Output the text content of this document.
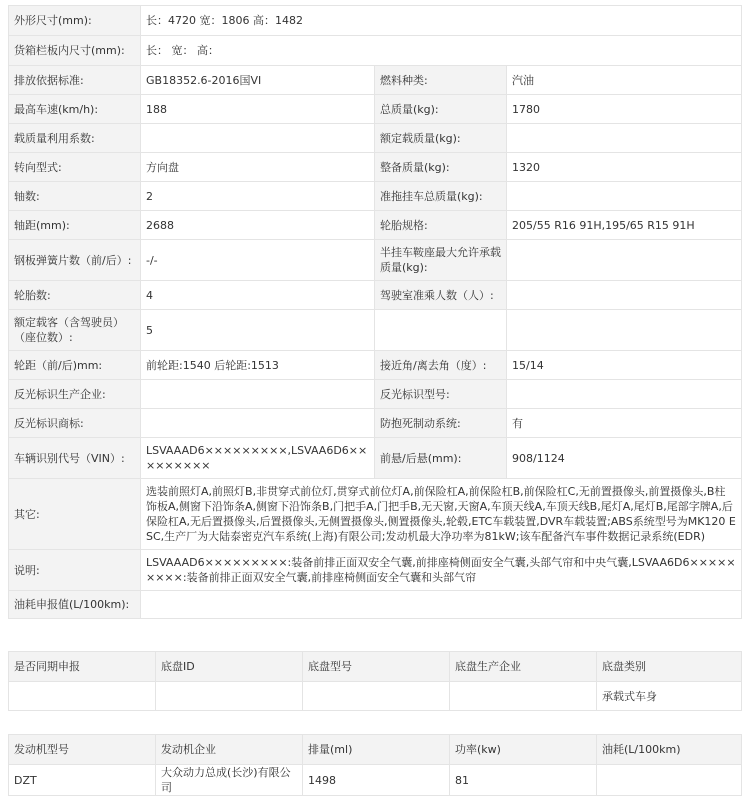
外形尺寸(mm):	长：4720 宽：1806 高：1482		
货箱栏板内尺寸(mm):	长： 宽： 高：		
排放依据标准:	GB18352.6-2016国VI	燃料种类:	汽油
最高车速(km/h):	188	总质量(kg):	1780
载质量利用系数:		额定载质量(kg):	
转向型式:	方向盘	整备质量(kg):	1320
轴数:	2	准拖挂车总质量(kg):	
轴距(mm):	2688	轮胎规格:	205/55 R16 91H,195/65 R15 91H
钢板弹簧片数（前/后）:	-/-	半挂车鞍座最大允许承载质量(kg):	
轮胎数:	4	驾驶室准乘人数（人）:	
额定载客（含驾驶员）（座位数）:	5		
轮距（前/后)mm:	前轮距:1540 后轮距:1513	接近角/离去角（度）:	15/14
反光标识生产企业:		反光标识型号:	
反光标识商标:		防抱死制动系统:	有
车辆识别代号（VIN）:	LSVAAAD6×××××××××,LSVAA6D6×××××××××	前悬/后悬(mm):	908/1124
其它:	选装前照灯A,前照灯B,非贯穿式前位灯,贯穿式前位灯A,前保险杠A,前保险杠B,前保险杠C,无前置摄像头,前置摄像头,B柱饰板A,侧窗下沿饰条A,侧窗下沿饰条B,门把手A,门把手B,无天窗,天窗A,车顶天线A,车顶天线B,尾灯A,尾灯B,尾部字牌A,后保险杠A,无后置摄像头,后置摄像头,无侧置摄像头,侧置摄像头,轮毂,ETC车载装置,DVR车载装置;ABS系统型号为MK120 ESC,生产厂为大陆泰密克汽车系统(上海)有限公司;发动机最大净功率为81kW;该车配备汽车事件数据记录系统(EDR)		
说明:	LSVAAAD6×××××××××:装备前排正面双安全气囊,前排座椅侧面安全气囊,头部气帘和中央气囊,LSVAA6D6×××××××××:装备前排正面双安全气囊,前排座椅侧面安全气囊和头部气帘		
油耗申报值(L/100km):			
是否同期申报	底盘ID	底盘型号	底盘生产企业	底盘类别
				承载式车身
发动机型号	发动机企业	排量(ml)	功率(kw)	油耗(L/100km)
DZT	大众动力总成(长沙)有限公司	1498	81	
